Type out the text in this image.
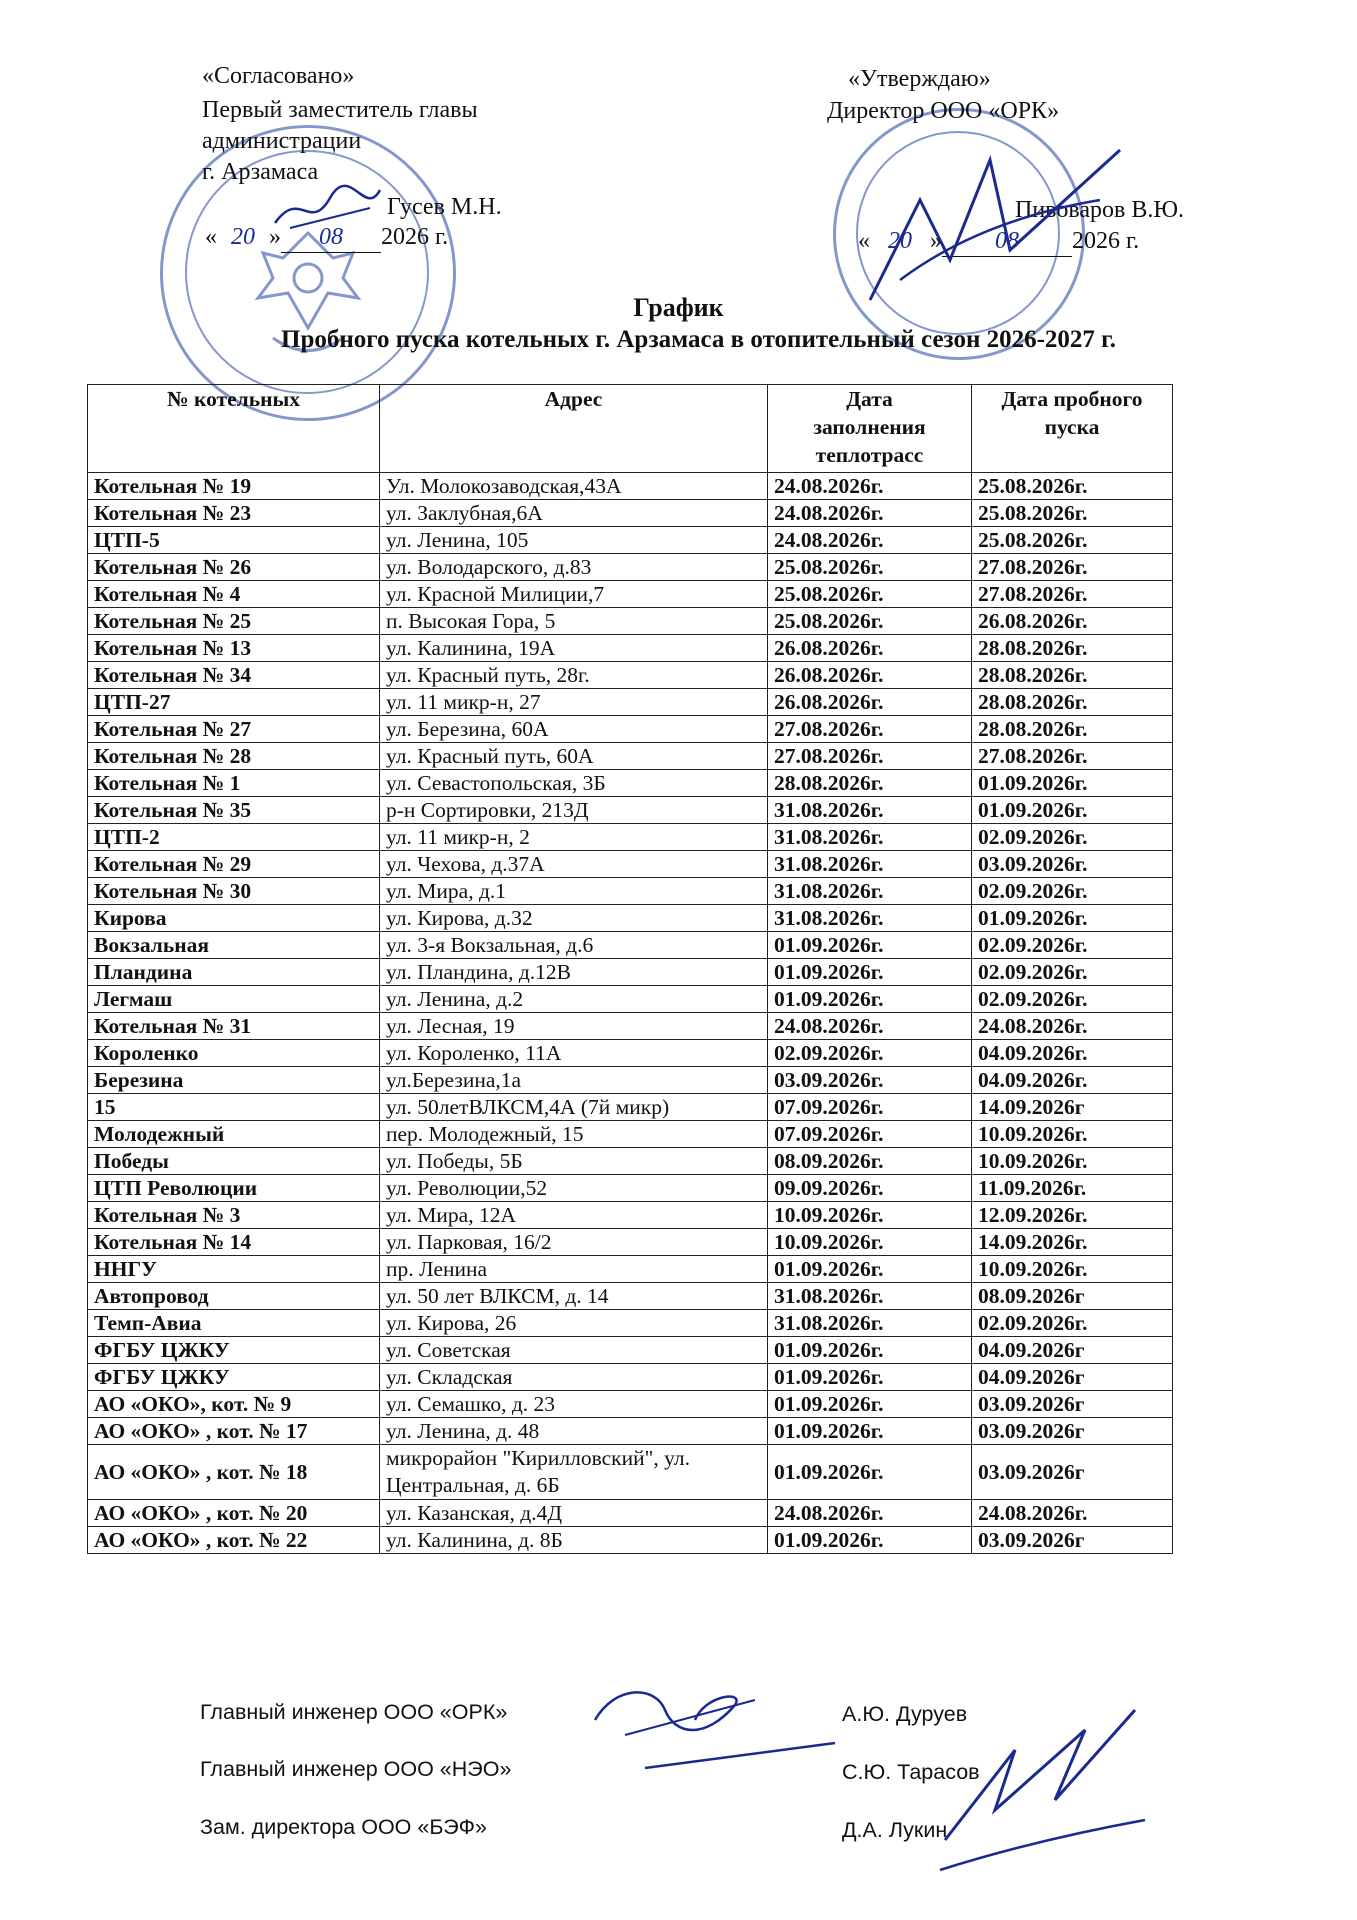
«Согласовано»
Первый заместитель главы
администрации
г. Арзамаса
Гусев М.Н.
« 20 » 08 2026 г.
«Утверждаю»
Директор ООО «ОРК»
Пивоваров В.Ю.
« 20 » 08 2026 г.
График
Пробного пуска котельных г. Арзамаса в отопительный сезон 2026-2027 г.
№ котельных	Адрес	Дата заполнения теплотрасс	Дата пробного пуска
Котельная № 19	Ул. Молокозаводская,43А	24.08.2026г.	25.08.2026г.
Котельная № 23	ул. Заклубная,6А	24.08.2026г.	25.08.2026г.
ЦТП-5	ул. Ленина, 105	24.08.2026г.	25.08.2026г.
Котельная № 26	ул. Володарского, д.83	25.08.2026г.	27.08.2026г.
Котельная № 4	ул. Красной Милиции,7	25.08.2026г.	27.08.2026г.
Котельная № 25	п. Высокая Гора, 5	25.08.2026г.	26.08.2026г.
Котельная № 13	ул. Калинина, 19А	26.08.2026г.	28.08.2026г.
Котельная № 34	ул. Красный путь, 28г.	26.08.2026г.	28.08.2026г.
ЦТП-27	ул. 11 микр-н, 27	26.08.2026г.	28.08.2026г.
Котельная № 27	ул. Березина, 60А	27.08.2026г.	28.08.2026г.
Котельная № 28	ул. Красный путь, 60А	27.08.2026г.	27.08.2026г.
Котельная № 1	ул. Севастопольская, 3Б	28.08.2026г.	01.09.2026г.
Котельная № 35	р-н Сортировки, 213Д	31.08.2026г.	01.09.2026г.
ЦТП-2	ул. 11 микр-н, 2	31.08.2026г.	02.09.2026г.
Котельная № 29	ул. Чехова, д.37А	31.08.2026г.	03.09.2026г.
Котельная № 30	ул. Мира, д.1	31.08.2026г.	02.09.2026г.
Кирова	ул. Кирова, д.32	31.08.2026г.	01.09.2026г.
Вокзальная	ул. 3-я Вокзальная, д.6	01.09.2026г.	02.09.2026г.
Пландина	ул. Пландина, д.12В	01.09.2026г.	02.09.2026г.
Легмаш	ул. Ленина, д.2	01.09.2026г.	02.09.2026г.
Котельная № 31	ул. Лесная, 19	24.08.2026г.	24.08.2026г.
Короленко	ул. Короленко, 11А	02.09.2026г.	04.09.2026г.
Березина	ул.Березина,1а	03.09.2026г.	04.09.2026г.
15	ул. 50летВЛКСМ,4А (7й микр)	07.09.2026г.	14.09.2026г
Молодежный	пер. Молодежный, 15	07.09.2026г.	10.09.2026г.
Победы	ул. Победы, 5Б	08.09.2026г.	10.09.2026г.
ЦТП Революции	ул. Революции,52	09.09.2026г.	11.09.2026г.
Котельная № 3	ул. Мира, 12А	10.09.2026г.	12.09.2026г.
Котельная № 14	ул. Парковая, 16/2	10.09.2026г.	14.09.2026г.
ННГУ	пр. Ленина	01.09.2026г.	10.09.2026г.
Автопровод	ул. 50 лет ВЛКСМ, д. 14	31.08.2026г.	08.09.2026г
Темп-Авиа	ул. Кирова, 26	31.08.2026г.	02.09.2026г.
ФГБУ ЦЖКУ	ул. Советская	01.09.2026г.	04.09.2026г
ФГБУ ЦЖКУ	ул. Складская	01.09.2026г.	04.09.2026г
АО «ОКО», кот. № 9	ул. Семашко, д. 23	01.09.2026г.	03.09.2026г
АО «ОКО» , кот. № 17	ул. Ленина, д. 48	01.09.2026г.	03.09.2026г
АО «ОКО» , кот. № 18	микрорайон "Кирилловский", ул. Центральная, д. 6Б	01.09.2026г.	03.09.2026г
АО «ОКО» , кот. № 20	ул. Казанская, д.4Д	24.08.2026г.	24.08.2026г.
АО «ОКО» , кот. № 22	ул. Калинина, д. 8Б	01.09.2026г.	03.09.2026г
Главный инженер ООО «ОРК»	А.Ю. Дуруев
Главный инженер ООО «НЭО»	С.Ю. Тарасов
Зам. директора ООО «БЭФ»	Д.А. Лукин
